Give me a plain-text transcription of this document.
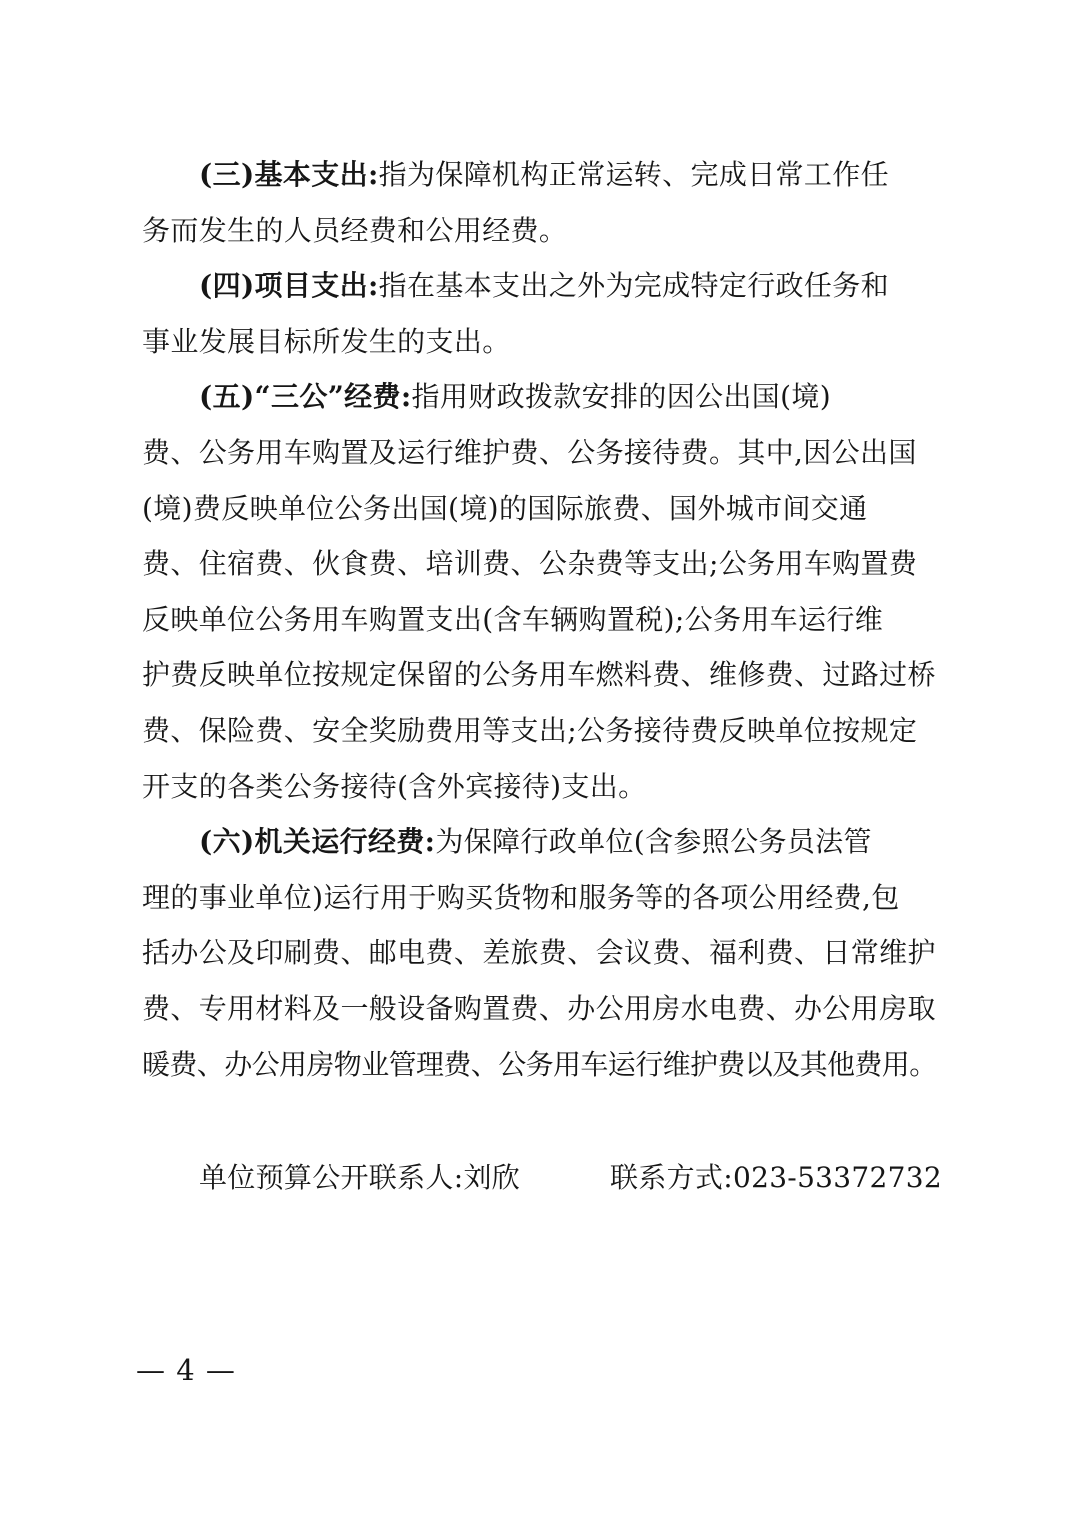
(三)基本支出:指为保障机构正常运转、完成日常工作任
务而发生的人员经费和公用经费。
(四)项目支出:指在基本支出之外为完成特定行政任务和
事业发展目标所发生的支出。
(五)“三公”经费:指用财政拨款安排的因公出国(境)
费、公务用车购置及运行维护费、公务接待费。其中,因公出国
(境)费反映单位公务出国(境)的国际旅费、国外城市间交通
费、住宿费、伙食费、培训费、公杂费等支出;公务用车购置费
反映单位公务用车购置支出(含车辆购置税);公务用车运行维
护费反映单位按规定保留的公务用车燃料费、维修费、过路过桥
费、保险费、安全奖励费用等支出;公务接待费反映单位按规定
开支的各类公务接待(含外宾接待)支出。
(六)机关运行经费:为保障行政单位(含参照公务员法管
理的事业单位)运行用于购买货物和服务等的各项公用经费,包
括办公及印刷费、邮电费、差旅费、会议费、福利费、日常维护
费、专用材料及一般设备购置费、办公用房水电费、办公用房取
暖费、办公用房物业管理费、公务用车运行维护费以及其他费用。
单位预算公开联系人:刘欣	联系方式:023-53372732
— 4 —
